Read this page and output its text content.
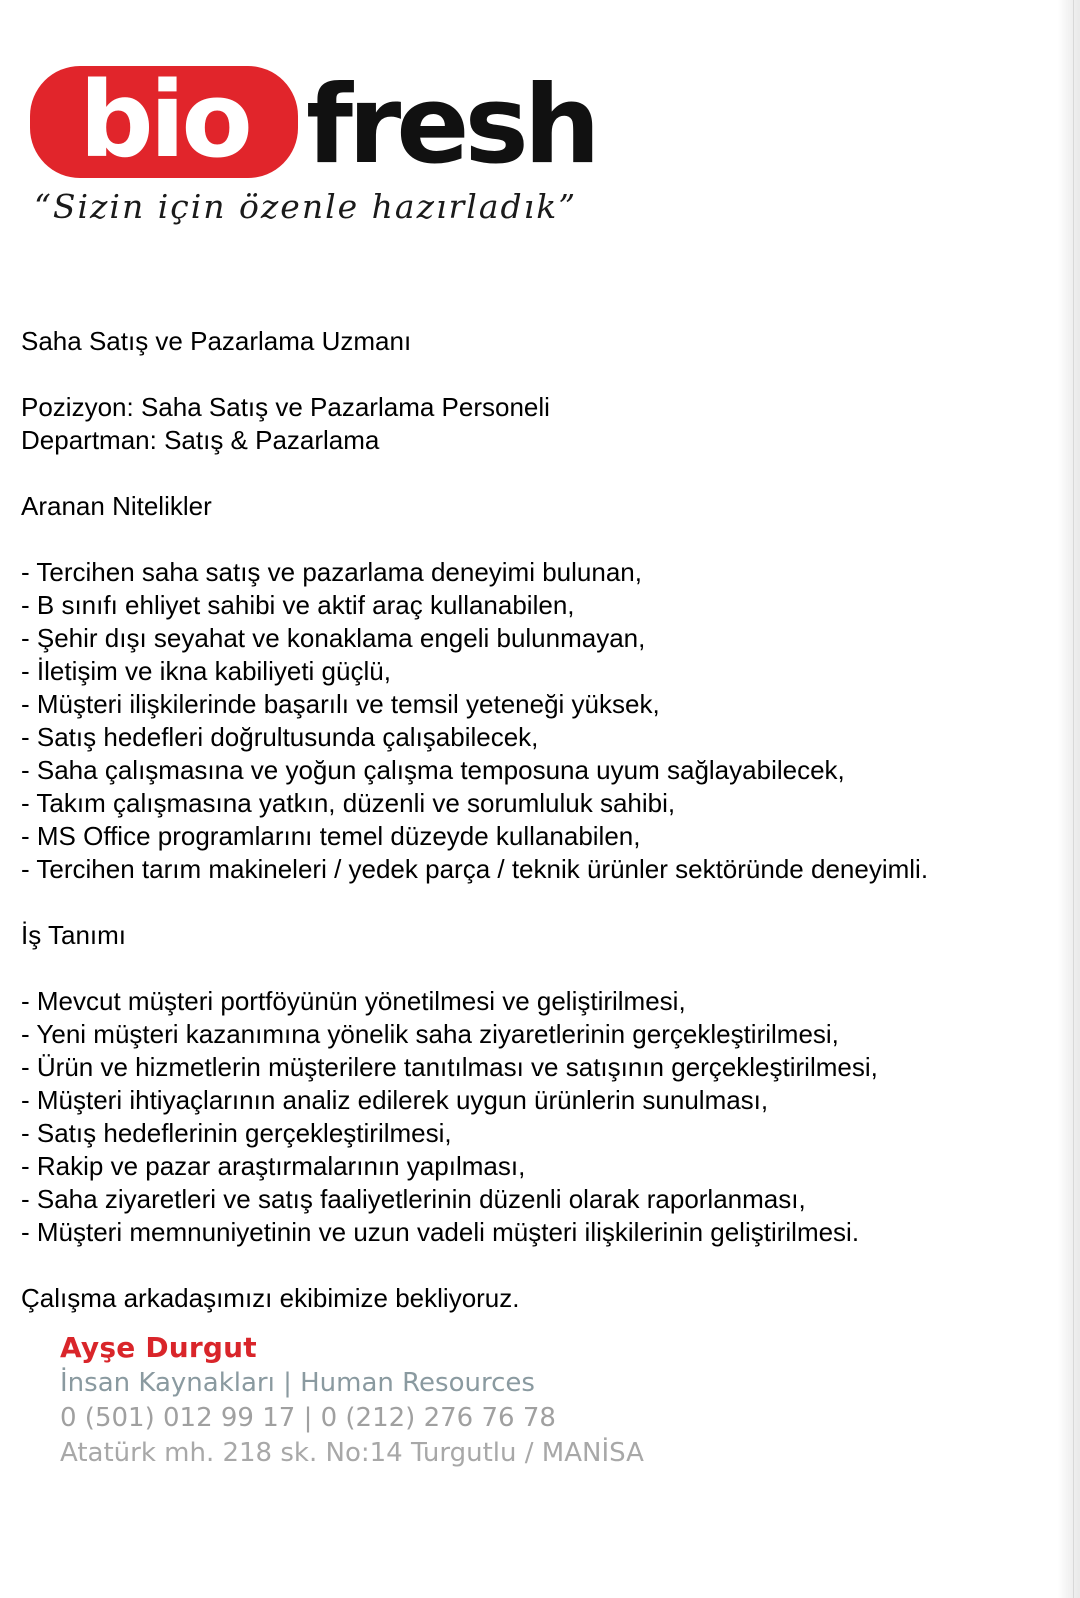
bio fresh
“Sizin için özenle hazırladık”

Saha Satış ve Pazarlama Uzmanı

Pozizyon: Saha Satış ve Pazarlama Personeli

Departman: Satış & Pazarlama

Aranan Nitelikler

- Tercihen saha satış ve pazarlama deneyimi bulunan,

- B sınıfı ehliyet sahibi ve aktif araç kullanabilen,

- Şehir dışı seyahat ve konaklama engeli bulunmayan,

- İletişim ve ikna kabiliyeti güçlü,

- Müşteri ilişkilerinde başarılı ve temsil yeteneği yüksek,

- Satış hedefleri doğrultusunda çalışabilecek,

- Saha çalışmasına ve yoğun çalışma temposuna uyum sağlayabilecek,

- Takım çalışmasına yatkın, düzenli ve sorumluluk sahibi,

- MS Office programlarını temel düzeyde kullanabilen,

- Tercihen tarım makineleri / yedek parça / teknik ürünler sektöründe deneyimli.

İş Tanımı

- Mevcut müşteri portföyünün yönetilmesi ve geliştirilmesi,

- Yeni müşteri kazanımına yönelik saha ziyaretlerinin gerçekleştirilmesi,

- Ürün ve hizmetlerin müşterilere tanıtılması ve satışının gerçekleştirilmesi,

- Müşteri ihtiyaçlarının analiz edilerek uygun ürünlerin sunulması,

- Satış hedeflerinin gerçekleştirilmesi,

- Rakip ve pazar araştırmalarının yapılması,

- Saha ziyaretleri ve satış faaliyetlerinin düzenli olarak raporlanması,

- Müşteri memnuniyetinin ve uzun vadeli müşteri ilişkilerinin geliştirilmesi.

Çalışma arkadaşımızı ekibimize bekliyoruz.

Ayşe Durgut
İnsan Kaynakları | Human Resources
0 (501) 012 99 17 | 0 (212) 276 76 78
Atatürk mh. 218 sk. No:14 Turgutlu / MANİSA
